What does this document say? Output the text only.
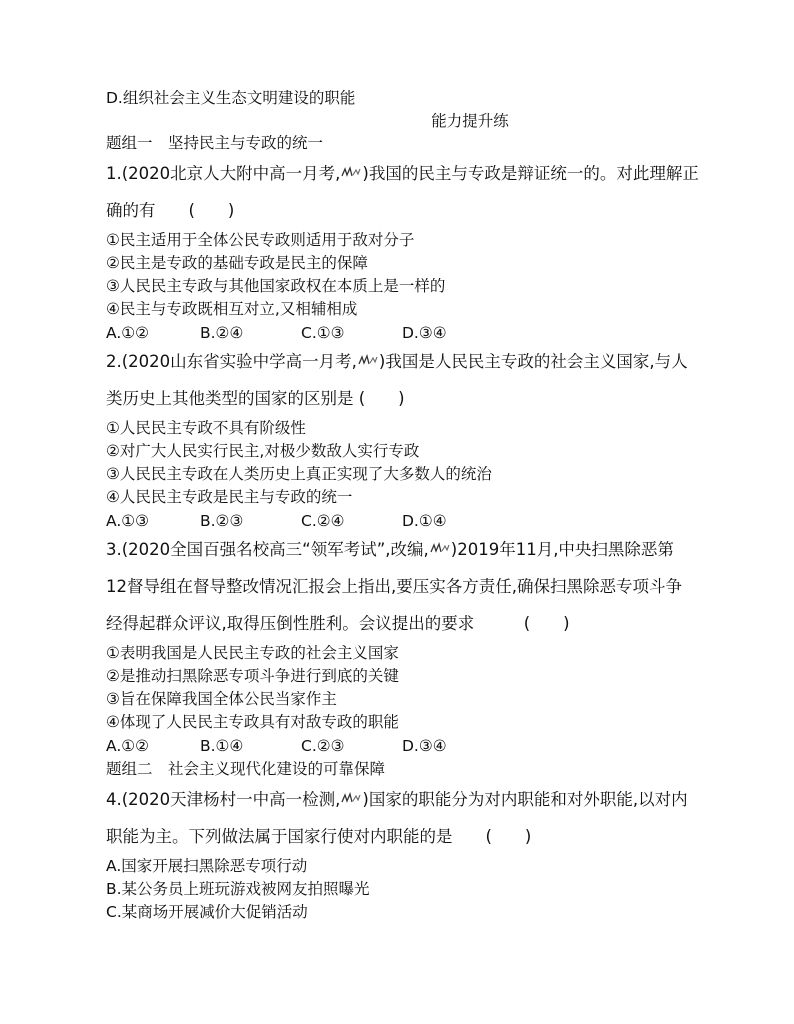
D.组织社会主义生态文明建设的职能
能力提升练
题组一　坚持民主与专政的统一
1.(2020北京人大附中高一月考, )我国的民主与专政是辩证统一的。对此理解正
确的有　　(　　)
①民主适用于全体公民专政则适用于敌对分子
②民主是专政的基础专政是民主的保障
③人民民主专政与其他国家政权在本质上是一样的
④民主与专政既相互对立,又相辅相成
A.①②	B.②④	C.①③	D.③④
2.(2020山东省实验中学高一月考, )我国是人民民主专政的社会主义国家,与人
类历史上其他类型的国家的区别是 (　　)
①人民民主专政不具有阶级性
②对广大人民实行民主,对极少数敌人实行专政
③人民民主专政在人类历史上真正实现了大多数人的统治
④人民民主专政是民主与专政的统一
A.①③	B.②③	C.②④	D.①④
3.(2020全国百强名校高三“领军考试”,改编, )2019年11月,中央扫黑除恶第
12督导组在督导整改情况汇报会上指出,要压实各方责任,确保扫黑除恶专项斗争
经得起群众评议,取得压倒性胜利。会议提出的要求　　　(　　)
①表明我国是人民民主专政的社会主义国家
②是推动扫黑除恶专项斗争进行到底的关键
③旨在保障我国全体公民当家作主
④体现了人民民主专政具有对敌专政的职能
A.①②	B.①④	C.②③	D.③④
题组二　社会主义现代化建设的可靠保障
4.(2020天津杨村一中高一检测, )国家的职能分为对内职能和对外职能,以对内
职能为主。下列做法属于国家行使对内职能的是　　(　　)
A.国家开展扫黑除恶专项行动
B.某公务员上班玩游戏被网友拍照曝光
C.某商场开展减价大促销活动
